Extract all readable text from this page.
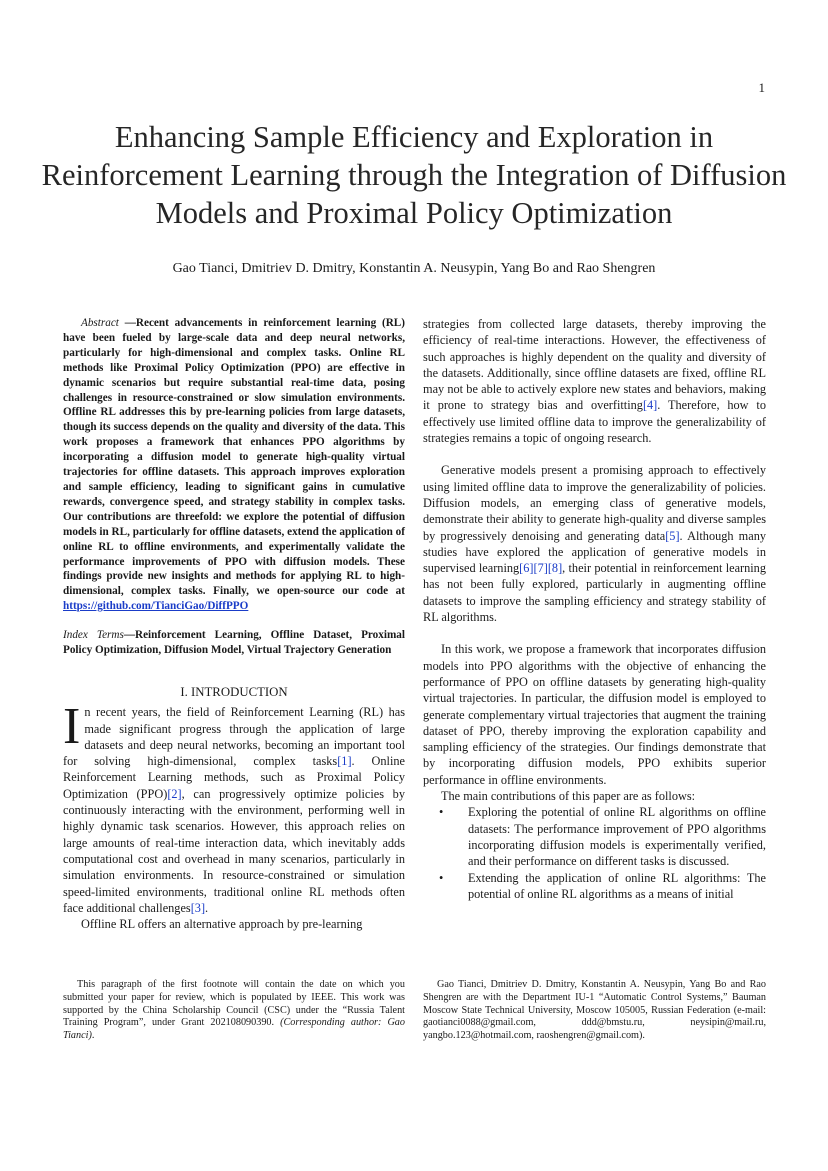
1
Enhancing Sample Efficiency and Exploration in Reinforcement Learning through the Integration of Diffusion Models and Proximal Policy Optimization
Gao Tianci, Dmitriev D. Dmitry, Konstantin A. Neusypin, Yang Bo and Rao Shengren

Abstract —Recent advancements in reinforcement learning (RL) have been fueled by large-scale data and deep neural networks, particularly for high-dimensional and complex tasks. Online RL methods like Proximal Policy Optimization (PPO) are effective in dynamic scenarios but require substantial real-time data, posing challenges in resource-constrained or slow simulation environments. Offline RL addresses this by pre-learning policies from large datasets, though its success depends on the quality and diversity of the data. This work proposes a framework that enhances PPO algorithms by incorporating a diffusion model to generate high-quality virtual trajectories for offline datasets. This approach improves exploration and sample efficiency, leading to significant gains in cumulative rewards, convergence speed, and strategy stability in complex tasks. Our contributions are threefold: we explore the potential of diffusion models in RL, particularly for offline datasets, extend the application of online RL to offline environments, and experimentally validate the performance improvements of PPO with diffusion models. These findings provide new insights and methods for applying RL to high-dimensional, complex tasks. Finally, we open-source our code at https://github.com/TianciGao/DiffPPO

Index Terms—Reinforcement Learning, Offline Dataset, Proximal Policy Optimization, Diffusion Model, Virtual Trajectory Generation

I. INTRODUCTION

In recent years, the field of Reinforcement Learning (RL) has made significant progress through the application of large datasets and deep neural networks, becoming an important tool for solving high-dimensional, complex tasks[1]. Online Reinforcement Learning methods, such as Proximal Policy Optimization (PPO)[2], can progressively optimize policies by continuously interacting with the environment, performing well in highly dynamic task scenarios. However, this approach relies on large amounts of real-time interaction data, which inevitably adds computational cost and overhead in many scenarios, particularly in simulation environments. In resource-constrained or simulation speed-limited environments, traditional online RL methods often face additional challenges[3].

Offline RL offers an alternative approach by pre-learning

strategies from collected large datasets, thereby improving the efficiency of real-time interactions. However, the effectiveness of such approaches is highly dependent on the quality and diversity of the datasets. Additionally, since offline datasets are fixed, offline RL may not be able to actively explore new states and behaviors, making it prone to strategy bias and overfitting[4]. Therefore, how to effectively use limited offline data to improve the generalizability of strategies remains a topic of ongoing research.

Generative models present a promising approach to effectively using limited offline data to improve the generalizability of policies. Diffusion models, an emerging class of generative models, demonstrate their ability to generate high-quality and diverse samples by progressively denoising and generating data[5]. Although many studies have explored the application of generative models in supervised learning[6][7][8], their potential in reinforcement learning has not been fully explored, particularly in augmenting offline datasets to improve the sampling efficiency and strategy stability of RL algorithms.

In this work, we propose a framework that incorporates diffusion models into PPO algorithms with the objective of enhancing the performance of PPO on offline datasets by generating high-quality virtual trajectories. In particular, the diffusion model is employed to generate complementary virtual trajectories that augment the training dataset of PPO, thereby improving the exploration capability and sampling efficiency of the strategies. Our findings demonstrate that by incorporating diffusion models, PPO exhibits superior performance in offline environments.

The main contributions of this paper are as follows:

• Exploring the potential of online RL algorithms on offline datasets: The performance improvement of PPO algorithms incorporating diffusion models is experimentally verified, and their performance on different tasks is discussed.
• Extending the application of online RL algorithms: The potential of online RL algorithms as a means of initial

This paragraph of the first footnote will contain the date on which you submitted your paper for review, which is populated by IEEE. This work was supported by the China Scholarship Council (CSC) under the “Russia Talent Training Program”, under Grant 202108090390. (Corresponding author: Gao Tianci).

Gao Tianci, Dmitriev D. Dmitry, Konstantin A. Neusypin, Yang Bo and Rao Shengren are with the Department IU-1 “Automatic Control Systems,” Bauman Moscow State Technical University, Moscow 105005, Russian Federation (e-mail: gaotianci0088@gmail.com, ddd@bmstu.ru, neysipin@mail.ru, yangbo.123@hotmail.com, raoshengren@gmail.com).
